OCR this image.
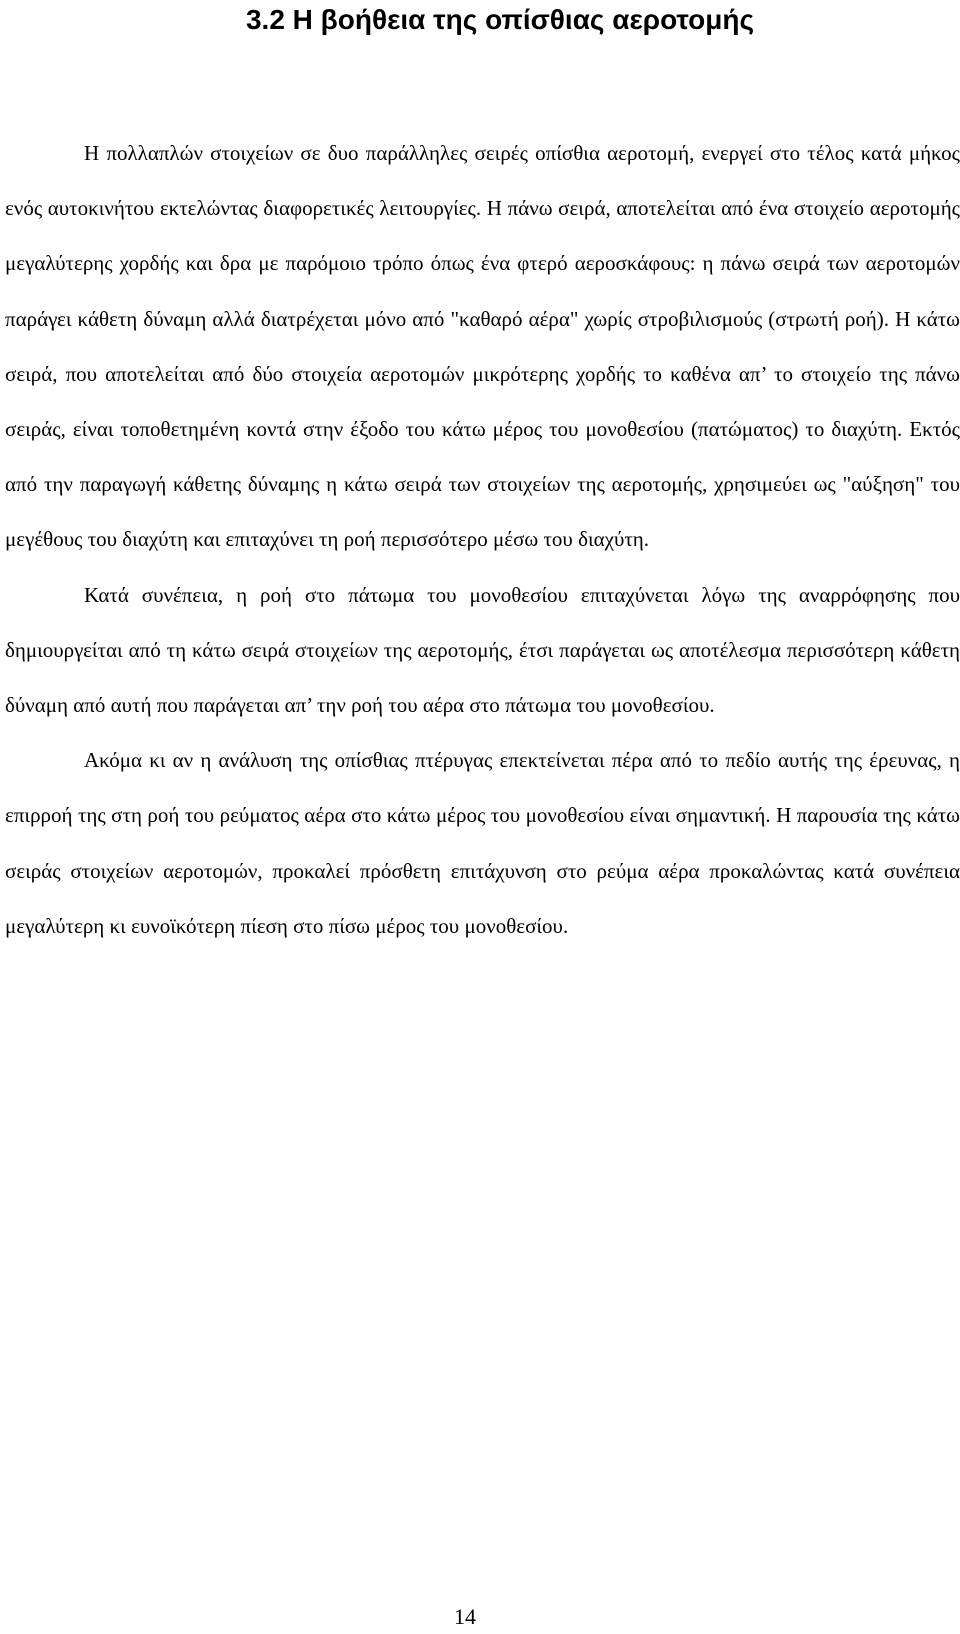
3.2 Η βοήθεια της οπίσθιας αεροτομής

Η πολλαπλών στοιχείων σε δυο παράλληλες σειρές οπίσθια αεροτομή, ενεργεί στο τέλος κατά μήκος ενός αυτοκινήτου εκτελώντας διαφορετικές λειτουργίες. Η πάνω σειρά, αποτελείται από ένα στοιχείο αεροτομής μεγαλύτερης χορδής και δρα με παρόμοιο τρόπο όπως ένα φτερό αεροσκάφους: η πάνω σειρά των αεροτομών παράγει κάθετη δύναμη αλλά διατρέχεται μόνο από "καθαρό αέρα" χωρίς στροβιλισμούς (στρωτή ροή). Η κάτω σειρά, που αποτελείται από δύο στοιχεία αεροτομών μικρότερης χορδής το καθένα απ’ το στοιχείο της πάνω σειράς, είναι τοποθετημένη κοντά στην έξοδο του κάτω μέρος του μονοθεσίου (πατώματος) το διαχύτη. Εκτός από την παραγωγή κάθετης δύναμης η κάτω σειρά των στοιχείων της αεροτομής, χρησιμεύει ως "αύξηση" του μεγέθους του διαχύτη και επιταχύνει τη ροή περισσότερο μέσω του διαχύτη.

Κατά συνέπεια, η ροή στο πάτωμα του μονοθεσίου επιταχύνεται λόγω της αναρρόφησης που δημιουργείται από τη κάτω σειρά στοιχείων της αεροτομής, έτσι παράγεται ως αποτέλεσμα περισσότερη κάθετη δύναμη από αυτή που παράγεται απ’ την ροή του αέρα στο πάτωμα του μονοθεσίου.

Ακόμα κι αν η ανάλυση της οπίσθιας πτέρυγας επεκτείνεται πέρα από το πεδίο αυτής της έρευνας, η επιρροή της στη ροή του ρεύματος αέρα στο κάτω μέρος του μονοθεσίου είναι σημαντική. Η παρουσία της κάτω σειράς στοιχείων αεροτομών, προκαλεί πρόσθετη επιτάχυνση στο ρεύμα αέρα προκαλώντας κατά συνέπεια μεγαλύτερη κι ευνοϊκότερη πίεση στο πίσω μέρος του μονοθεσίου.

14
